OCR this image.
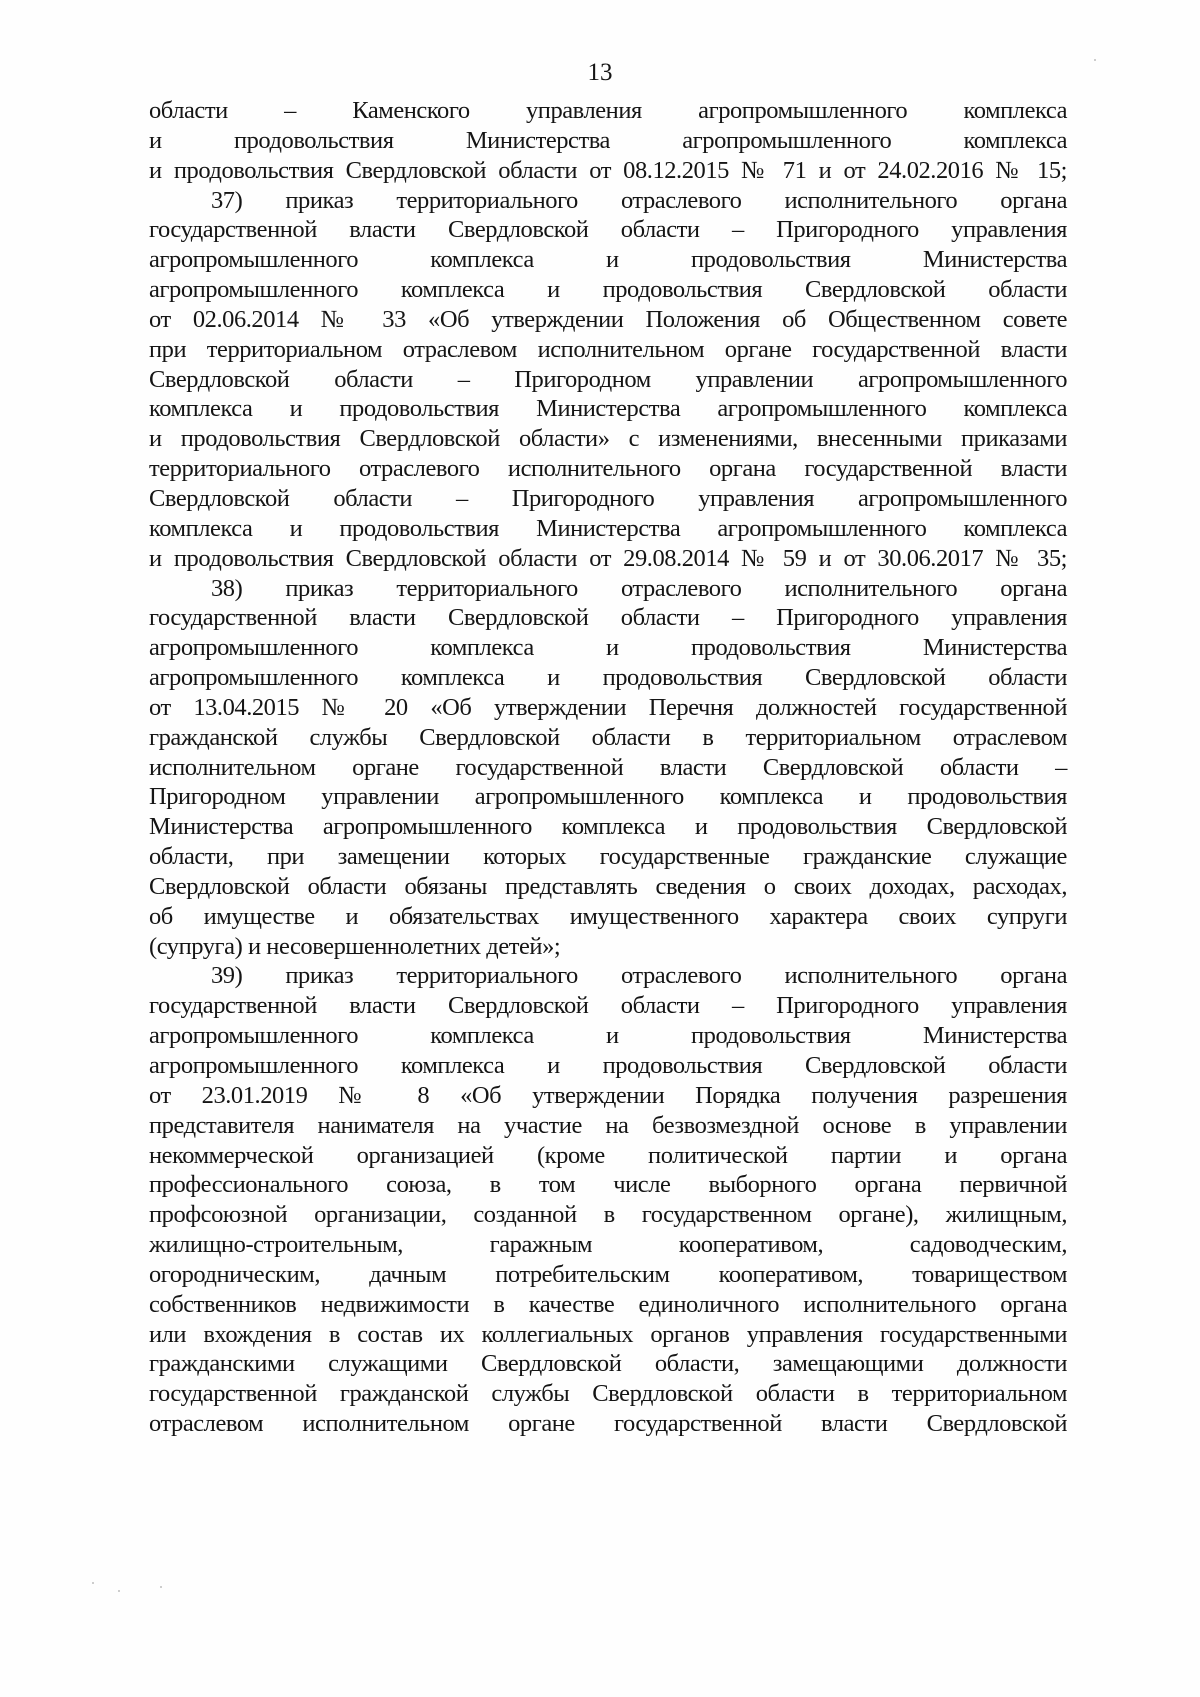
13
области – Каменского управления агропромышленного комплекса
и продовольствия Министерства агропромышленного комплекса
и продовольствия Свердловской области от 08.12.2015 № 71 и от 24.02.2016 № 15;
37) приказ территориального отраслевого исполнительного органа
государственной власти Свердловской области – Пригородного управления
агропромышленного комплекса и продовольствия Министерства
агропромышленного комплекса и продовольствия Свердловской области
от 02.06.2014 № 33 «Об утверждении Положения об Общественном совете
при территориальном отраслевом исполнительном органе государственной власти
Свердловской области – Пригородном управлении агропромышленного
комплекса и продовольствия Министерства агропромышленного комплекса
и продовольствия Свердловской области» с изменениями, внесенными приказами
территориального отраслевого исполнительного органа государственной власти
Свердловской области – Пригородного управления агропромышленного
комплекса и продовольствия Министерства агропромышленного комплекса
и продовольствия Свердловской области от 29.08.2014 № 59 и от 30.06.2017 № 35;
38) приказ территориального отраслевого исполнительного органа
государственной власти Свердловской области – Пригородного управления
агропромышленного комплекса и продовольствия Министерства
агропромышленного комплекса и продовольствия Свердловской области
от 13.04.2015 № 20 «Об утверждении Перечня должностей государственной
гражданской службы Свердловской области в территориальном отраслевом
исполнительном органе государственной власти Свердловской области –
Пригородном управлении агропромышленного комплекса и продовольствия
Министерства агропромышленного комплекса и продовольствия Свердловской
области, при замещении которых государственные гражданские служащие
Свердловской области обязаны представлять сведения о своих доходах, расходах,
об имуществе и обязательствах имущественного характера своих супруги
(супруга) и несовершеннолетних детей»;
39) приказ территориального отраслевого исполнительного органа
государственной власти Свердловской области – Пригородного управления
агропромышленного комплекса и продовольствия Министерства
агропромышленного комплекса и продовольствия Свердловской области
от 23.01.2019 № 8 «Об утверждении Порядка получения разрешения
представителя нанимателя на участие на безвозмездной основе в управлении
некоммерческой организацией (кроме политической партии и органа
профессионального союза, в том числе выборного органа первичной
профсоюзной организации, созданной в государственном органе), жилищным,
жилищно-строительным, гаражным кооперативом, садоводческим,
огородническим, дачным потребительским кооперативом, товариществом
собственников недвижимости в качестве единоличного исполнительного органа
или вхождения в состав их коллегиальных органов управления государственными
гражданскими служащими Свердловской области, замещающими должности
государственной гражданской службы Свердловской области в территориальном
отраслевом исполнительном органе государственной власти Свердловской
